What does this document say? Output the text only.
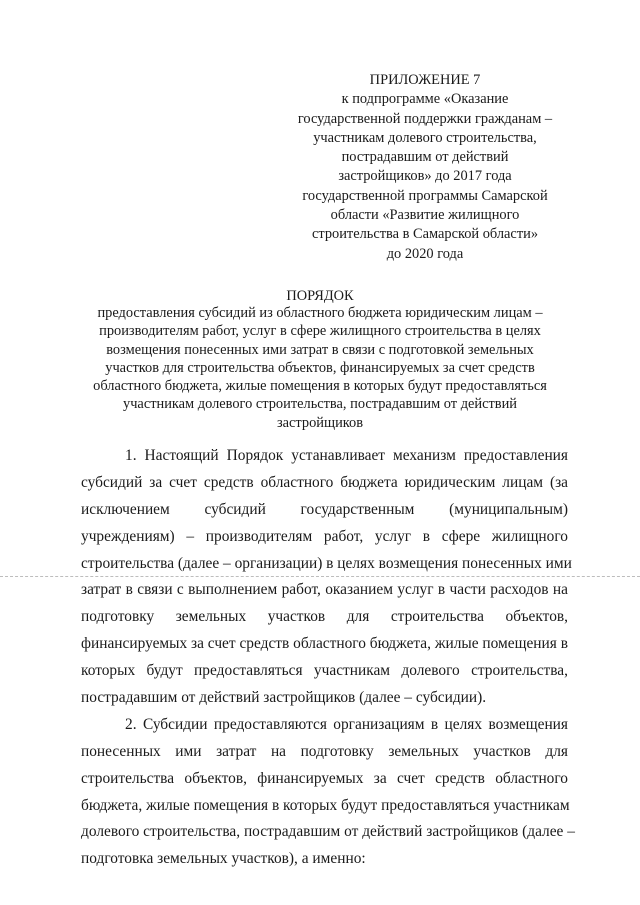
ПРИЛОЖЕНИЕ 7
к подпрограмме «Оказание
государственной поддержки гражданам –
участникам долевого строительства,
пострадавшим от действий
застройщиков» до 2017 года
государственной программы Самарской
области «Развитие жилищного
строительства в Самарской области»
до 2020 года
ПОРЯДОК
предоставления субсидий из областного бюджета юридическим лицам –
производителям работ, услуг в сфере жилищного строительства в целях
возмещения понесенных ими затрат в связи с подготовкой земельных
участков для строительства объектов, финансируемых за счет средств
областного бюджета, жилые помещения в которых будут предоставляться
участникам долевого строительства, пострадавшим от действий
застройщиков
1. Настоящий Порядок устанавливает механизм предоставления
субсидий за счет средств областного бюджета юридическим лицам (за
исключением субсидий государственным (муниципальным)
учреждениям) – производителям работ, услуг в сфере жилищного
строительства (далее – организации) в целях возмещения понесенных ими
затрат в связи с выполнением работ, оказанием услуг в части расходов на
подготовку земельных участков для строительства объектов,
финансируемых за счет средств областного бюджета, жилые помещения в
которых будут предоставляться участникам долевого строительства,
пострадавшим от действий застройщиков (далее – субсидии).
2. Субсидии предоставляются организациям в целях возмещения
понесенных ими затрат на подготовку земельных участков для
строительства объектов, финансируемых за счет средств областного
бюджета, жилые помещения в которых будут предоставляться участникам
долевого строительства, пострадавшим от действий застройщиков (далее –
подготовка земельных участков), а именно:
